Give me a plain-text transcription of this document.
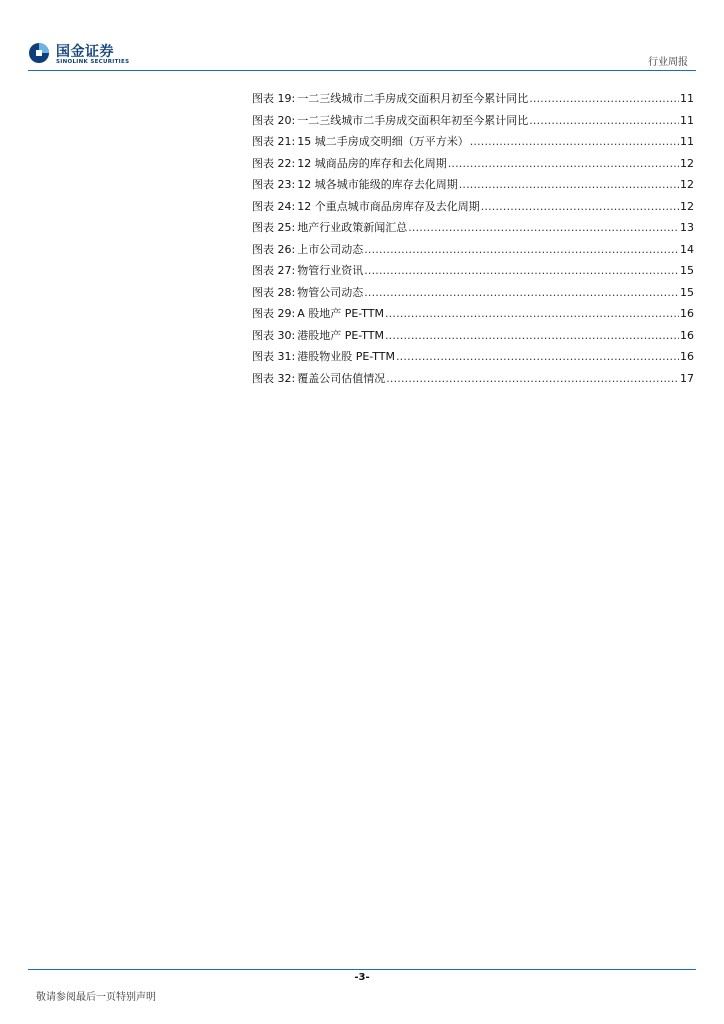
国金证券
SINOLINK SECURITIES	行业周报
图表 19: 一二三线城市二手房成交面积月初至今累计同比 .....	11
图表 20: 一二三线城市二手房成交面积年初至今累计同比 .....	11
图表 21: 15 城二手房成交明细（万平方米） .....	11
图表 22: 12 城商品房的库存和去化周期 .....	12
图表 23: 12 城各城市能级的库存去化周期 .....	12
图表 24: 12 个重点城市商品房库存及去化周期 .....	12
图表 25: 地产行业政策新闻汇总 .....	13
图表 26: 上市公司动态 .....	14
图表 27: 物管行业资讯 .....	15
图表 28: 物管公司动态 .....	15
图表 29: A 股地产 PE-TTM .....	16
图表 30: 港股地产 PE-TTM .....	16
图表 31: 港股物业股 PE-TTM .....	16
图表 32: 覆盖公司估值情况 .....	17
-3-
敬请参阅最后一页特别声明
